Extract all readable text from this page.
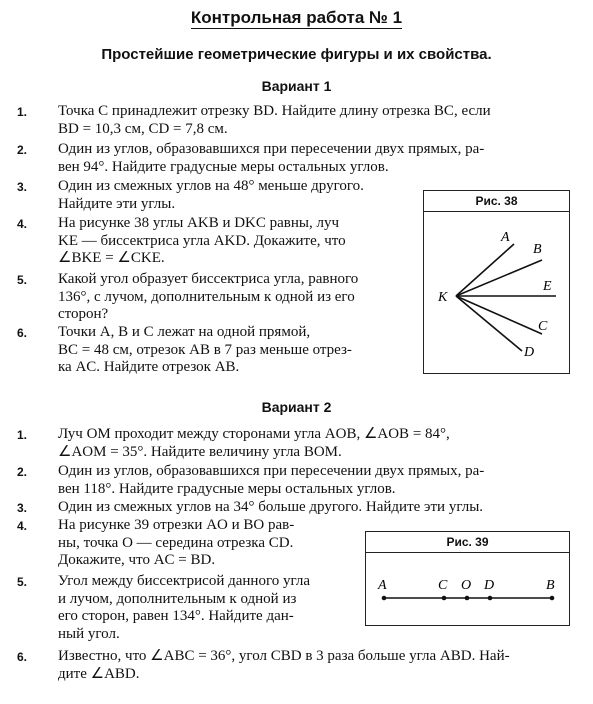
Контрольная работа № 1
Простейшие геометрические фигуры и их свойства.
Вариант 1
1.	Точка C принадлежит отрезку BD. Найдите длину отрезка BC, если
BD = 10,3 см, CD = 7,8 см.
2.	Один из углов, образовавшихся при пересечении двух прямых, ра-
вен 94°. Найдите градусные меры остальных углов.
3.	Один из смежных углов на 48° меньше другого.
Найдите эти углы.
4.	На рисунке 38 углы AKB и DKC равны, луч
KE — биссектриса угла AKD. Докажите, что
∠BKE = ∠CKE.
5.	Какой угол образует биссектриса угла, равного
136°, с лучом, дополнительным к одной из его
сторон?
6.	Точки A, B и C лежат на одной прямой,
BC = 48 см, отрезок AB в 7 раз меньше отрез-
ка AC. Найдите отрезок AB.
Рис. 38
K
A
B
E
C
D
Вариант 2
1.	Луч OM проходит между сторонами угла AOB, ∠AOB = 84°,
∠AOM = 35°. Найдите величину угла BOM.
2.	Один из углов, образовавшихся при пересечении двух прямых, ра-
вен 118°. Найдите градусные меры остальных углов.
3.	Один из смежных углов на 34° больше другого. Найдите эти углы.
4.	На рисунке 39 отрезки AO и BO рав-
ны, точка O — середина отрезка CD.
Докажите, что AC = BD.
5.	Угол между биссектрисой данного угла
и лучом, дополнительным к одной из
его сторон, равен 134°. Найдите дан-
ный угол.
6.	Известно, что ∠ABC = 36°, угол CBD в 3 раза больше угла ABD. Най-
дите ∠ABD.
Рис. 39
A	C O D	B
